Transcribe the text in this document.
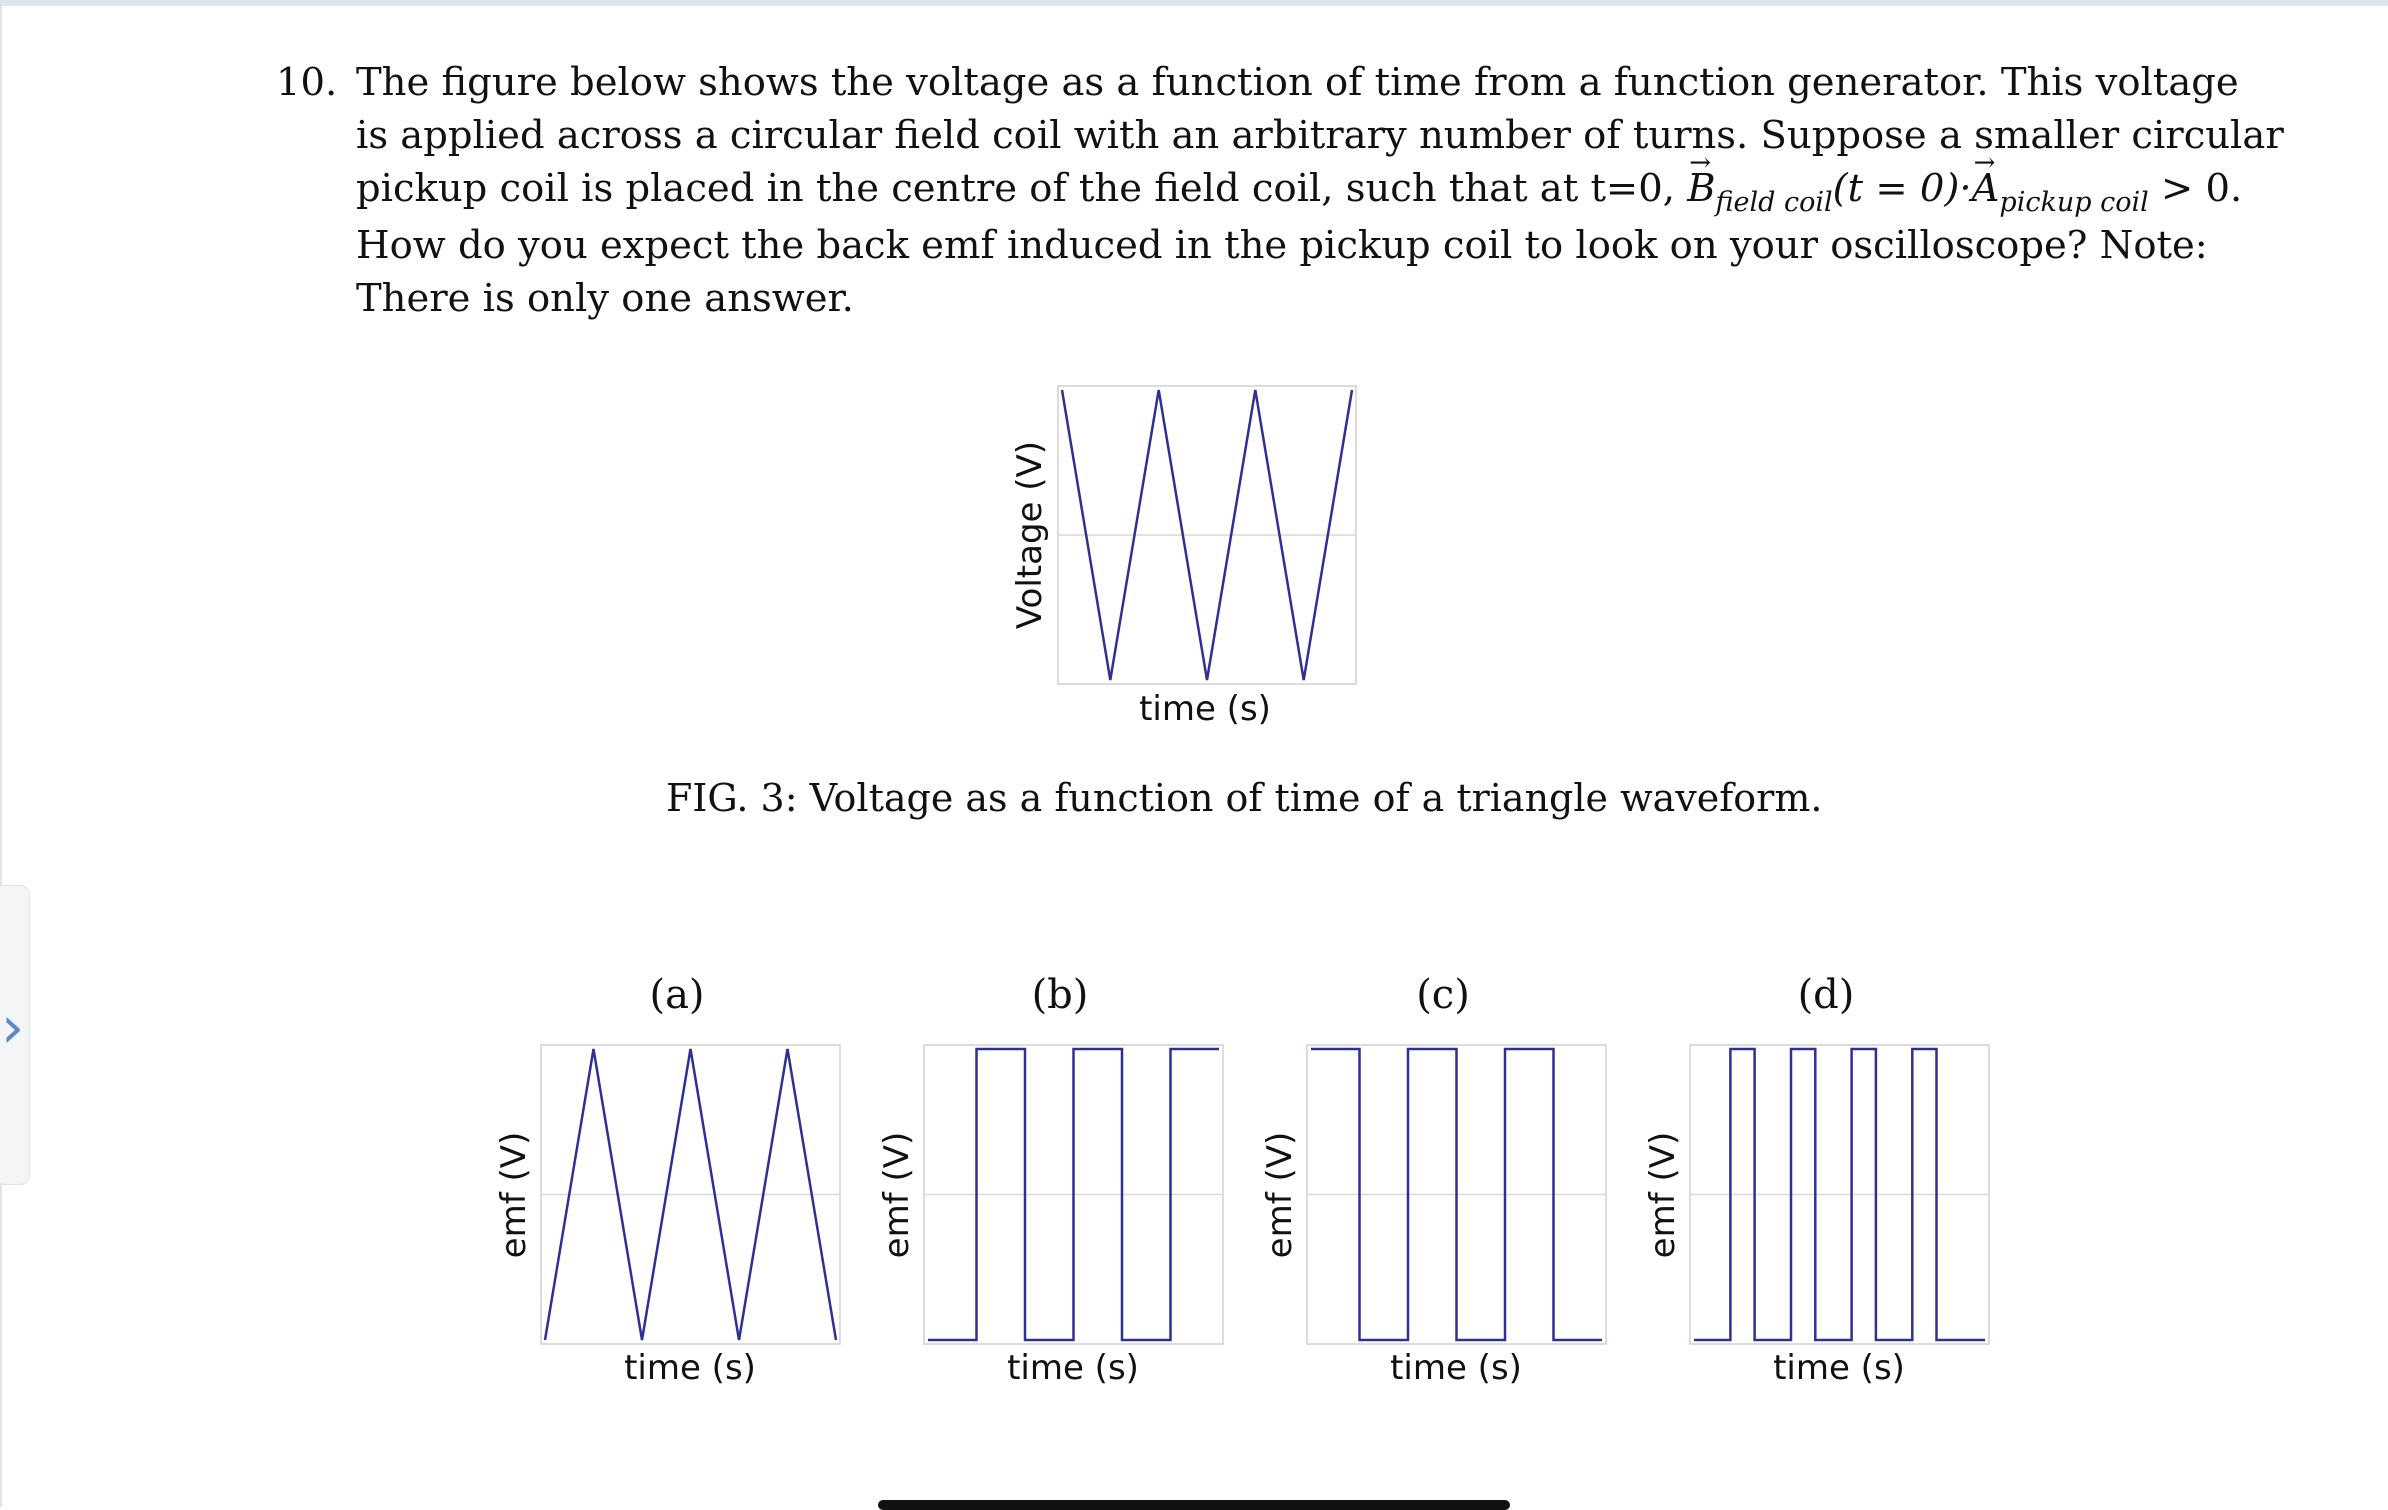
›
10. The figure below shows the voltage as a function of time from a function generator. This voltage
is applied across a circular field coil with an arbitrary number of turns. Suppose a smaller circular
pickup coil is placed in the centre of the field coil, such that at t=0, → $B_{field coil}(t = 0)\cdot\to A_{pickup coil} > 0$.
How do you expect the back emf induced in the pickup coil to look on your oscilloscope? Note:
There is only one answer.
time (s)
Voltage (V)
time (s)
emf (V)
time (s)
emf (V)
time (s)
emf (V)
time (s)
emf (V)
FIG. 3: Voltage as a function of time of a triangle waveform.
(a)	(b)	(c)	(d)
